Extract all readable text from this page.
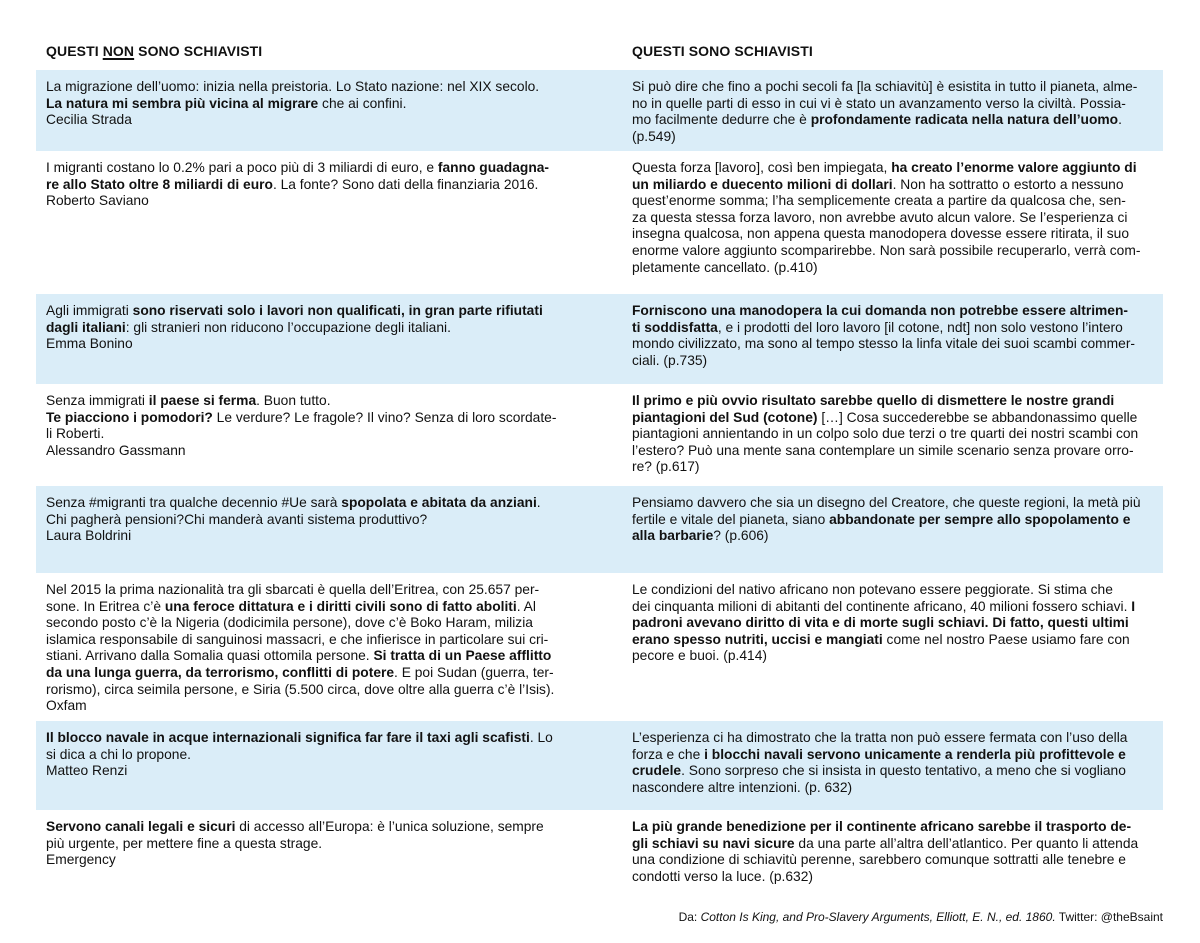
QUESTI NON SONO SCHIAVISTI	QUESTI SONO SCHIAVISTI

La migrazione dell’uomo: inizia nella preistoria. Lo Stato nazione: nel XIX secolo.

La natura mi sembra più vicina al migrare che ai confini.

Cecilia Strada

Si può dire che fino a pochi secoli fa [la schiavitù] è esistita in tutto il pianeta, alme-

no in quelle parti di esso in cui vi è stato un avanzamento verso la civiltà. Possia-

mo facilmente dedurre che è profondamente radicata nella natura dell’uomo.

(p.549)

I migranti costano lo 0.2% pari a poco più di 3 miliardi di euro, e fanno guadagna-

re allo Stato oltre 8 miliardi di euro. La fonte? Sono dati della finanziaria 2016.

Roberto Saviano

Questa forza [lavoro], così ben impiegata, ha creato l’enorme valore aggiunto di

un miliardo e duecento milioni di dollari. Non ha sottratto o estorto a nessuno

quest’enorme somma; l’ha semplicemente creata a partire da qualcosa che, sen-

za questa stessa forza lavoro, non avrebbe avuto alcun valore. Se l’esperienza ci

insegna qualcosa, non appena questa manodopera dovesse essere ritirata, il suo

enorme valore aggiunto scomparirebbe. Non sarà possibile recuperarlo, verrà com-

pletamente cancellato. (p.410)

Agli immigrati sono riservati solo i lavori non qualificati, in gran parte rifiutati

dagli italiani: gli stranieri non riducono l’occupazione degli italiani.

Emma Bonino

Forniscono una manodopera la cui domanda non potrebbe essere altrimen-

ti soddisfatta, e i prodotti del loro lavoro [il cotone, ndt] non solo vestono l’intero

mondo civilizzato, ma sono al tempo stesso la linfa vitale dei suoi scambi commer-

ciali. (p.735)

Senza immigrati il paese si ferma. Buon tutto.

Te piacciono i pomodori? Le verdure? Le fragole? Il vino? Senza di loro scordate-

li Roberti.

Alessandro Gassmann

Il primo e più ovvio risultato sarebbe quello di dismettere le nostre grandi

piantagioni del Sud (cotone) […] Cosa succederebbe se abbandonassimo quelle

piantagioni annientando in un colpo solo due terzi o tre quarti dei nostri scambi con

l’estero? Può una mente sana contemplare un simile scenario senza provare orro-

re? (p.617)

Senza #migranti tra qualche decennio #Ue sarà spopolata e abitata da anziani.

Chi pagherà pensioni?Chi manderà avanti sistema produttivo?

Laura Boldrini

Pensiamo davvero che sia un disegno del Creatore, che queste regioni, la metà più

fertile e vitale del pianeta, siano abbandonate per sempre allo spopolamento e

alla barbarie? (p.606)

Nel 2015 la prima nazionalità tra gli sbarcati è quella dell’Eritrea, con 25.657 per-

sone. In Eritrea c’è una feroce dittatura e i diritti civili sono di fatto aboliti. Al

secondo posto c’è la Nigeria (dodicimila persone), dove c’è Boko Haram, milizia

islamica responsabile di sanguinosi massacri, e che infierisce in particolare sui cri-

stiani. Arrivano dalla Somalia quasi ottomila persone. Si tratta di un Paese afflitto

da una lunga guerra, da terrorismo, conflitti di potere. E poi Sudan (guerra, ter-

rorismo), circa seimila persone, e Siria (5.500 circa, dove oltre alla guerra c’è l’Isis).

Oxfam

Le condizioni del nativo africano non potevano essere peggiorate. Si stima che

dei cinquanta milioni di abitanti del continente africano, 40 milioni fossero schiavi. I

padroni avevano diritto di vita e di morte sugli schiavi. Di fatto, questi ultimi

erano spesso nutriti, uccisi e mangiati come nel nostro Paese usiamo fare con

pecore e buoi. (p.414)

Il blocco navale in acque internazionali significa far fare il taxi agli scafisti. Lo

si dica a chi lo propone.

Matteo Renzi

L’esperienza ci ha dimostrato che la tratta non può essere fermata con l’uso della

forza e che i blocchi navali servono unicamente a renderla più profittevole e

crudele. Sono sorpreso che si insista in questo tentativo, a meno che si vogliano

nascondere altre intenzioni. (p. 632)

Servono canali legali e sicuri di accesso all’Europa: è l’unica soluzione, sempre

più urgente, per mettere fine a questa strage.

Emergency

La più grande benedizione per il continente africano sarebbe il trasporto de-

gli schiavi su navi sicure da una parte all’altra dell’atlantico. Per quanto li attenda

una condizione di schiavitù perenne, sarebbero comunque sottratti alle tenebre e

condotti verso la luce. (p.632)

Da: Cotton Is King, and Pro-Slavery Arguments, Elliott, E. N., ed. 1860. Twitter: @theBsaint
